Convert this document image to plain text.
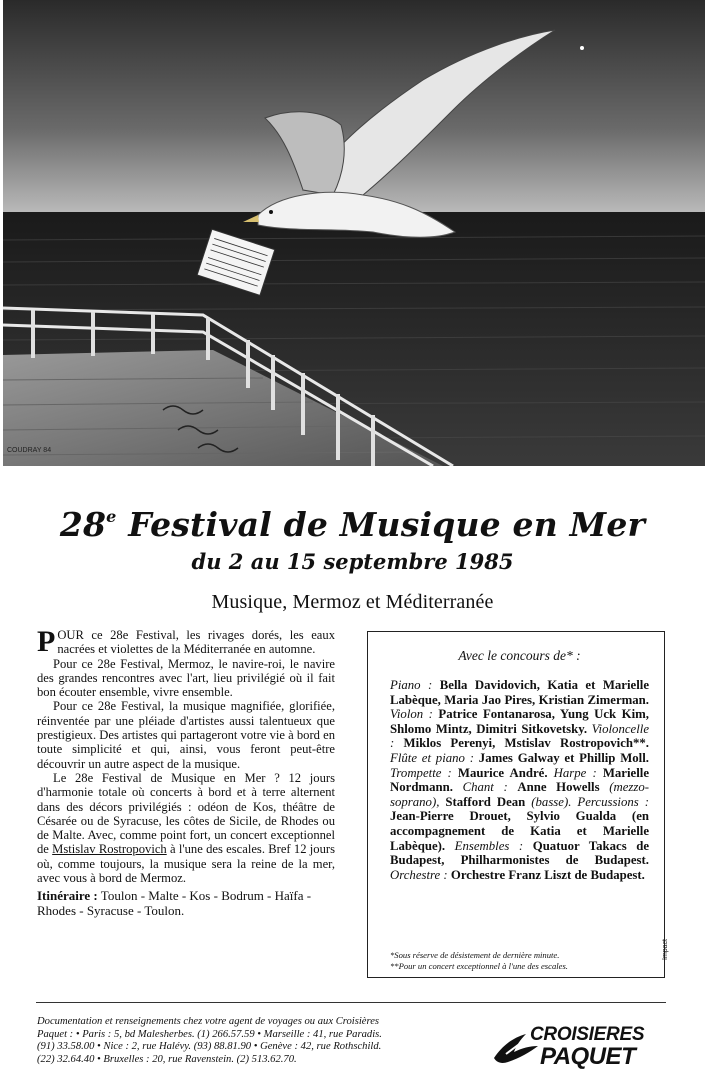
COUDRAY 84
28e Festival de Musique en Mer
du 2 au 15 septembre 1985
Musique, Mermoz et Méditerranée

POUR ce 28e Festival, les rivages dorés, les eaux nacrées et violettes de la Méditerranée en automne.

Pour ce 28e Festival, Mermoz, le navire-roi, le navire des grandes rencontres avec l'art, lieu privilégié où il fait bon écouter ensemble, vivre ensemble.

Pour ce 28e Festival, la musique magnifiée, glorifiée, réinventée par une pléiade d'artistes aussi talentueux que prestigieux. Des artistes qui partageront votre vie à bord en toute simplicité et qui, ainsi, vous feront peut-être découvrir un autre aspect de la musique.

Le 28e Festival de Musique en Mer ? 12 jours d'harmonie totale où concerts à bord et à terre alternent dans des décors privilégiés : odéon de Kos, théâtre de Césarée ou de Syracuse, les côtes de Sicile, de Rhodes ou de Malte. Avec, comme point fort, un concert exceptionnel de Mstislav Rostropovich à l'une des escales. Bref 12 jours où, comme toujours, la musique sera la reine de la mer, avec vous à bord de Mermoz.

Itinéraire : Toulon - Malte - Kos - Bodrum - Haïfa - Rhodes - Syracuse - Toulon.

Avec le concours de* :
Piano : Bella Davidovich, Katia et Marielle Labèque, Maria Jao Pires, Kristian Zimerman. Violon : Patrice Fontanarosa, Yung Uck Kim, Shlomo Mintz, Dimitri Sitkovetsky. Violoncelle : Miklos Perenyi, Mstislav Rostropovich**. Flûte et piano : James Galway et Phillip Moll. Trompette : Maurice André. Harpe : Marielle Nordmann. Chant : Anne Howells (mezzo-soprano), Stafford Dean (basse). Percussions : Jean-Pierre Drouet, Sylvio Gualda (en accompagnement de Katia et Marielle Labèque). Ensembles : Quatuor Takacs de Budapest, Philharmonistes de Budapest. Orchestre : Orchestre Franz Liszt de Budapest.
*Sous réserve de désistement de dernière minute.
**Pour un concert exceptionnel à l'une des escales.
Impact
Documentation et renseignements chez votre agent de voyages ou aux Croisières
Paquet : • Paris : 5, bd Malesherbes. (1) 266.57.59 • Marseille : 41, rue Paradis.
(91) 33.58.00 • Nice : 2, rue Halévy. (93) 88.81.90 • Genève : 42, rue Rothschild.
(22) 32.64.40 • Bruxelles : 20, rue Ravenstein. (2) 513.62.70.
CROISIERES
PAQUET
